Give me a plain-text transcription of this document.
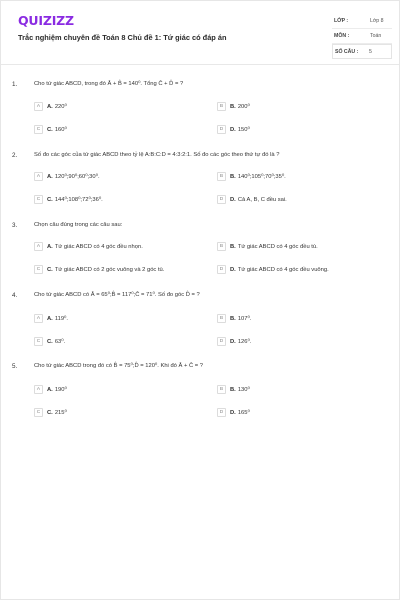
QUIZIZZ
Trắc nghiệm chuyên đề Toán 8 Chủ đề 1: Tứ giác có đáp án
LỚP :	Lớp 8
MÔN :	Toán
SỐ CÂU : 5
1.	Cho tứ giác ABCD, trong đó Â + B̂ = 140⁰. Tổng Ĉ + D̂ = ?
A	A. 220⁰	B	B. 200⁰
C	C. 160⁰	D	D. 150⁰
2.	Số đo các góc của tứ giác ABCD theo tỷ lệ A:B:C:D = 4:3:2:1. Số đo các góc theo thứ tự đó là ?
A	A. 120⁰;90⁰;60⁰;30⁰.	B	B. 140⁰;105⁰;70⁰;35⁰.
C	C. 144⁰;108⁰;72⁰;36⁰.	D	D. Cả A, B, C đều sai.
3.	Chọn câu đúng trong các câu sau:
A	A. Tứ giác ABCD có 4 góc đều nhọn.	B	B. Tứ giác ABCD có 4 góc đều tù.
C	C. Tứ giác ABCD có 2 góc vuông và 2 góc tù.	D	D. Tứ giác ABCD có 4 góc đều vuông.
4.	Cho tứ giác ABCD có Â = 65⁰;B̂ = 117⁰;Ĉ = 71⁰. Số đo góc D̂ = ?
A	A. 119⁰.	B	B. 107⁰.
C	C. 63⁰.	D	D. 126⁰.
5.	Cho tứ giác ABCD trong đó có B̂ = 75⁰;D̂ = 120⁰. Khi đó Â + Ĉ = ?
A	A. 190⁰	B	B. 130⁰
C	C. 215⁰	D	D. 165⁰
